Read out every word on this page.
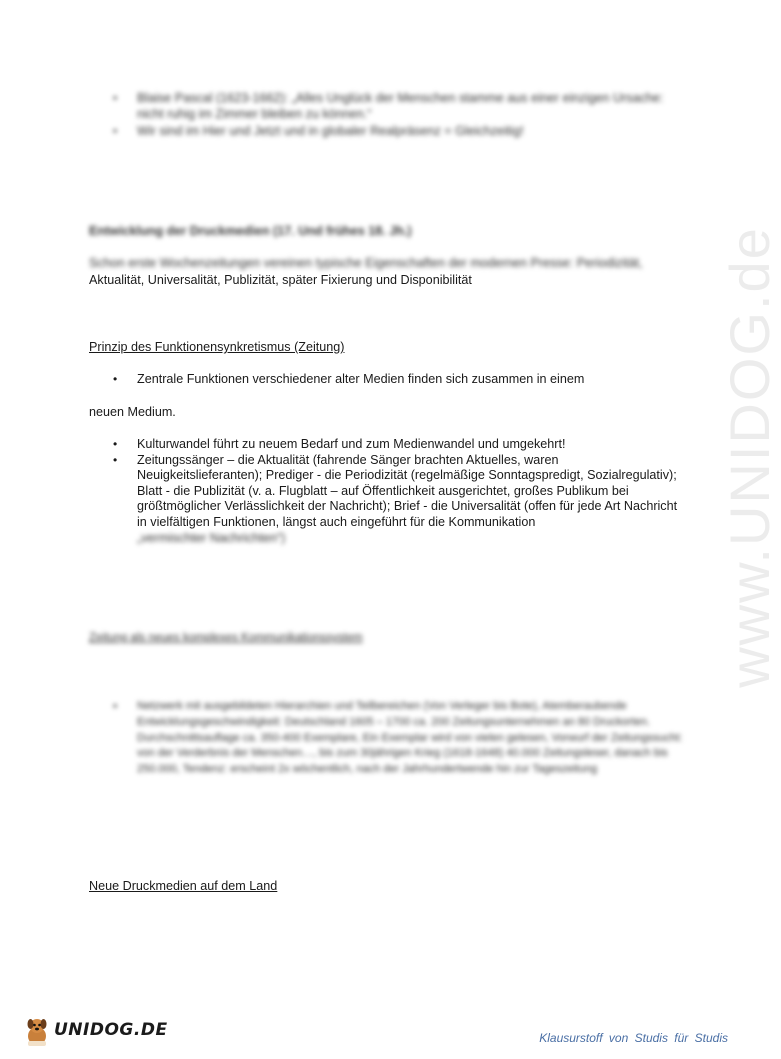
www.UNIDOG.de
• Blaise Pascal (1623-1662): „Alles Unglück der Menschen stamme aus einer einzigen Ursache: nicht ruhig im Zimmer bleiben zu können.“
• Wir sind im Hier und Jetzt und in globaler Realpräsenz = Gleichzeitig!
Entwicklung der Druckmedien (17. Und frühes 18. Jh.)
Schon erste Wochenzeitungen vereinen typische Eigenschaften der modernen Presse: Periodizität,
Aktualität, Universalität, Publizität, später Fixierung und Disponibilität
Prinzip des Funktionensynkretismus (Zeitung)
• Zentrale Funktionen verschiedener alter Medien finden sich zusammen in einem
neuen Medium.
• Kulturwandel führt zu neuem Bedarf und zum Medienwandel und umgekehrt!
• Zeitungssänger – die Aktualität (fahrende Sänger brachten Aktuelles, waren Neuigkeitslieferanten); Prediger - die Periodizität (regelmäßige Sonntagspredigt, Sozialregulativ); Blatt - die Publizität (v. a. Flugblatt – auf Öffentlichkeit ausgerichtet, großes Publikum bei größtmöglicher Verlässlichkeit der Nachricht); Brief - die Universalität (offen für jede Art Nachricht in vielfältigen Funktionen, längst auch eingeführt für die Kommunikation
„vermischter Nachrichten“)
Zeitung als neues komplexes Kommunikationssystem
• Netzwerk mit ausgebildeten Hierarchien und Teilbereichen (Von Verleger bis Bote), Atemberaubende Entwicklungsgeschwindigkeit: Deutschland 1605 – 1700 ca. 200 Zeitungsunternehmen an 80 Druckorten. Durchschnittsauflage ca. 350-400 Exemplare, Ein Exemplar wird von vielen gelesen, Vorwurf der Zeitungssucht: von der Verderbnis der Menschen…, bis zum 30jährigen Krieg (1618-1648) 40.000 Zeitungsleser, danach bis 250.000, Tendenz: erscheint 2x wöchentlich, nach der Jahrhundertwende hin zur Tageszeitung
Neue Druckmedien auf dem Land
UNIDOG.DE	Klausurstoff von Studis für Studis
